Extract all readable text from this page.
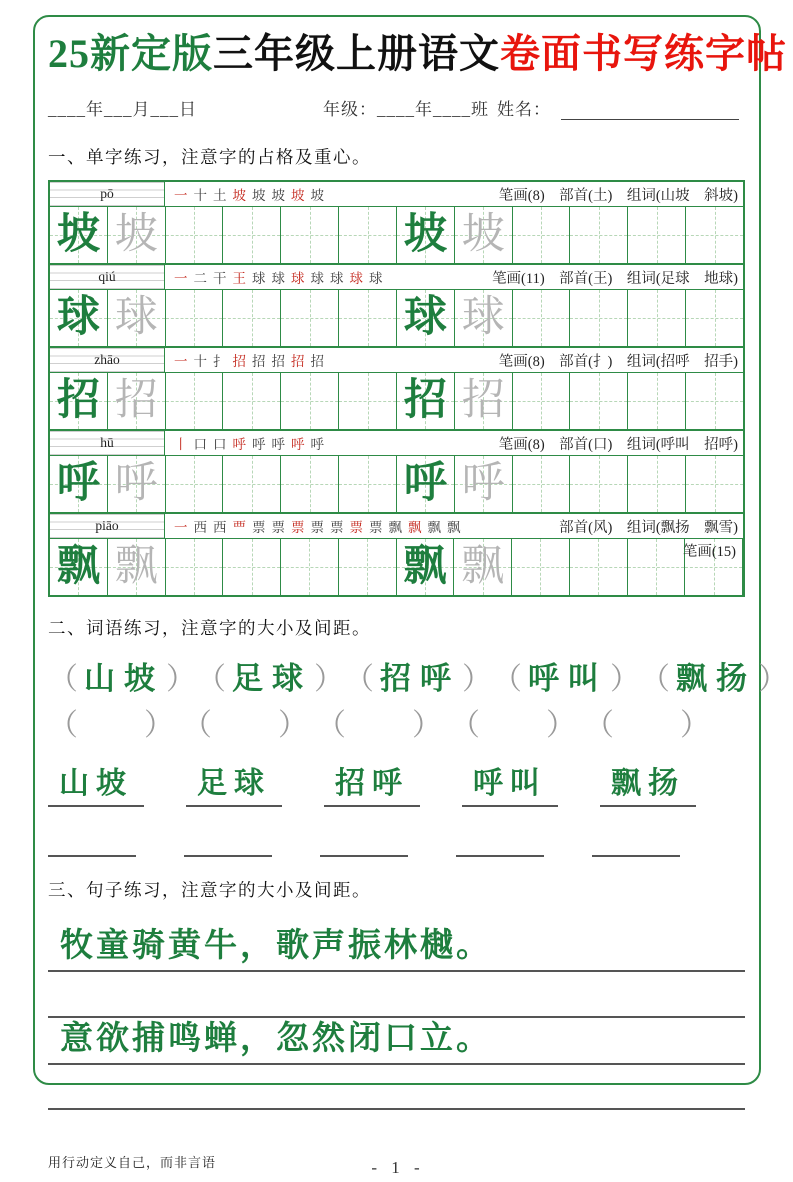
25新定版三年级上册语文卷面书写练字帖
____年___月___日	年级：____年____班 姓名：
一、单字练习，注意字的占格及重心。
pō	一 十 土 坡 坡 坡 坡 坡	笔画(8)　部首(土)　组词(山坡　斜坡)
坡 坡	坡 坡
qiú	一 二 干 王 球 球 球 球 球 球 球	笔画(11)　部首(王)　组词(足球　地球)
球 球	球 球
zhāo	一 十 扌 招 招 招 招 招	笔画(8)　部首(扌)　组词(招呼　招手)
招 招	招 招
hū	丨 口 口 呼 呼 呼 呼 呼	笔画(8)　部首(口)　组词(呼叫　招呼)
呼 呼	呼 呼
piāo	一 西 西 覀 票 票 票 票 票 票 票 飘 飘 飘 飘	部首(风)　组词(飘扬　飘雪)
飘 飘	飘 飘	笔画(15)
二、词语练习，注意字的大小及间距。
（ 山坡） （ 足球） （ 招呼） （ 呼叫） （ 飘扬）
（ ） （ ） （ ） （ ） （ ）
山坡	足球	招呼	呼叫	飘扬
三、句子练习，注意字的大小及间距。
牧童骑黄牛，歌声振林樾。
意欲捕鸣蝉，忽然闭口立。
用行动定义自己，而非言语	- 1 -
